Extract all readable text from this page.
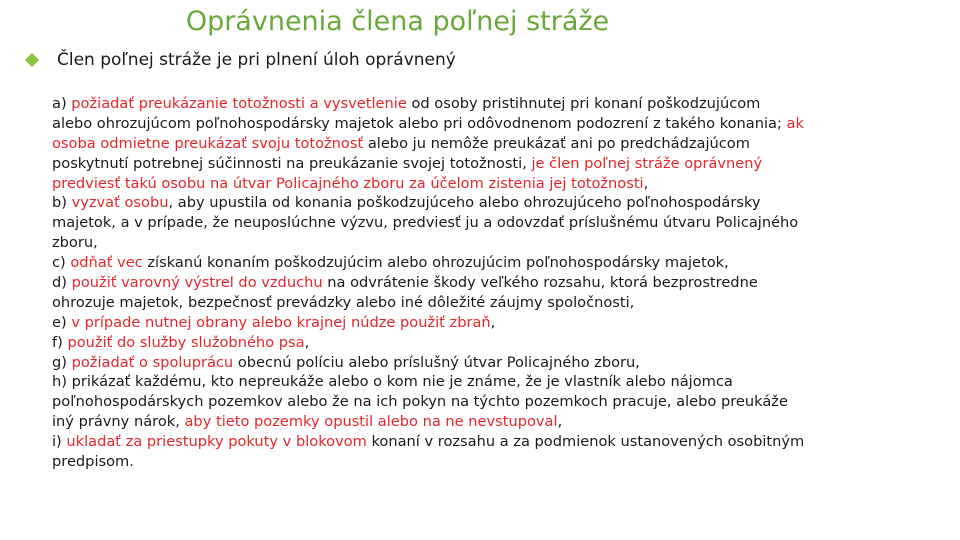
Oprávnenia člena poľnej stráže
Člen poľnej stráže je pri plnení úloh oprávnený
a) požiadať preukázanie totožnosti a vysvetlenie od osoby pristihnutej pri konaní poškodzujúcom
alebo ohrozujúcom poľnohospodársky majetok alebo pri odôvodnenom podozrení z takého konania; ak
osoba odmietne preukázať svoju totožnosť alebo ju nemôže preukázať ani po predchádzajúcom
poskytnutí potrebnej súčinnosti na preukázanie svojej totožnosti, je člen poľnej stráže oprávnený
predviesť takú osobu na útvar Policajného zboru za účelom zistenia jej totožnosti,
b) vyzvať osobu, aby upustila od konania poškodzujúceho alebo ohrozujúceho poľnohospodársky
majetok, a v prípade, že neuposlúchne výzvu, predviesť ju a odovzdať príslušnému útvaru Policajného
zboru,
c) odňať vec získanú konaním poškodzujúcim alebo ohrozujúcim poľnohospodársky majetok,
d) použiť varovný výstrel do vzduchu na odvrátenie škody veľkého rozsahu, ktorá bezprostredne
ohrozuje majetok, bezpečnosť prevádzky alebo iné dôležité záujmy spoločnosti,
e) v prípade nutnej obrany alebo krajnej núdze použiť zbraň,
f) použiť do služby služobného psa,
g) požiadať o spoluprácu obecnú políciu alebo príslušný útvar Policajného zboru,
h) prikázať každému, kto nepreukáže alebo o kom nie je známe, že je vlastník alebo nájomca
poľnohospodárskych pozemkov alebo že na ich pokyn na týchto pozemkoch pracuje, alebo preukáže
iný právny nárok, aby tieto pozemky opustil alebo na ne nevstupoval,
i) ukladať za priestupky pokuty v blokovom konaní v rozsahu a za podmienok ustanovených osobitným
predpisom.
